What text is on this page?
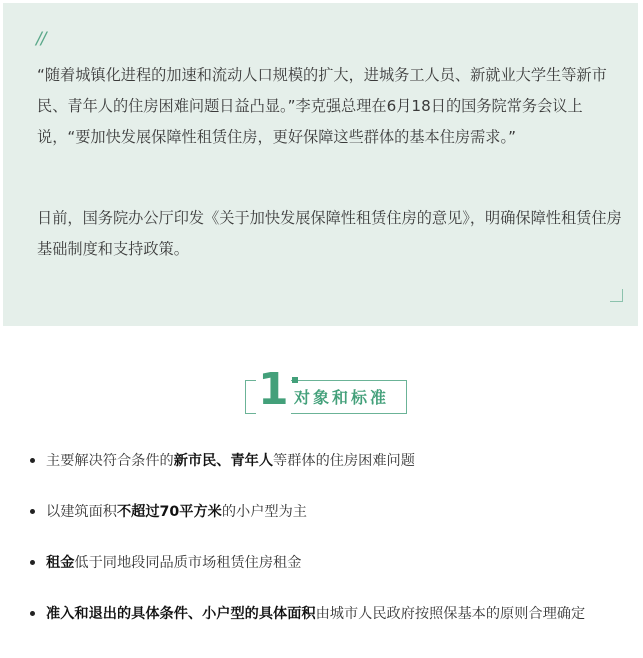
//

“随着城镇化进程的加速和流动人口规模的扩大，进城务工人员、新就业大学生等新市民、青年人的住房困难问题日益凸显。”李克强总理在6月18日的国务院常务会议上说，“要加快发展保障性租赁住房，更好保障这些群体的基本住房需求。”

日前，国务院办公厅印发《关于加快发展保障性租赁住房的意见》，明确保障性租赁住房基础制度和支持政策。

1 对象和标准
主要解决符合条件的新市民、青年人等群体的住房困难问题
以建筑面积不超过70平方米的小户型为主
租金低于同地段同品质市场租赁住房租金
准入和退出的具体条件、小户型的具体面积由城市人民政府按照保基本的原则合理确定
